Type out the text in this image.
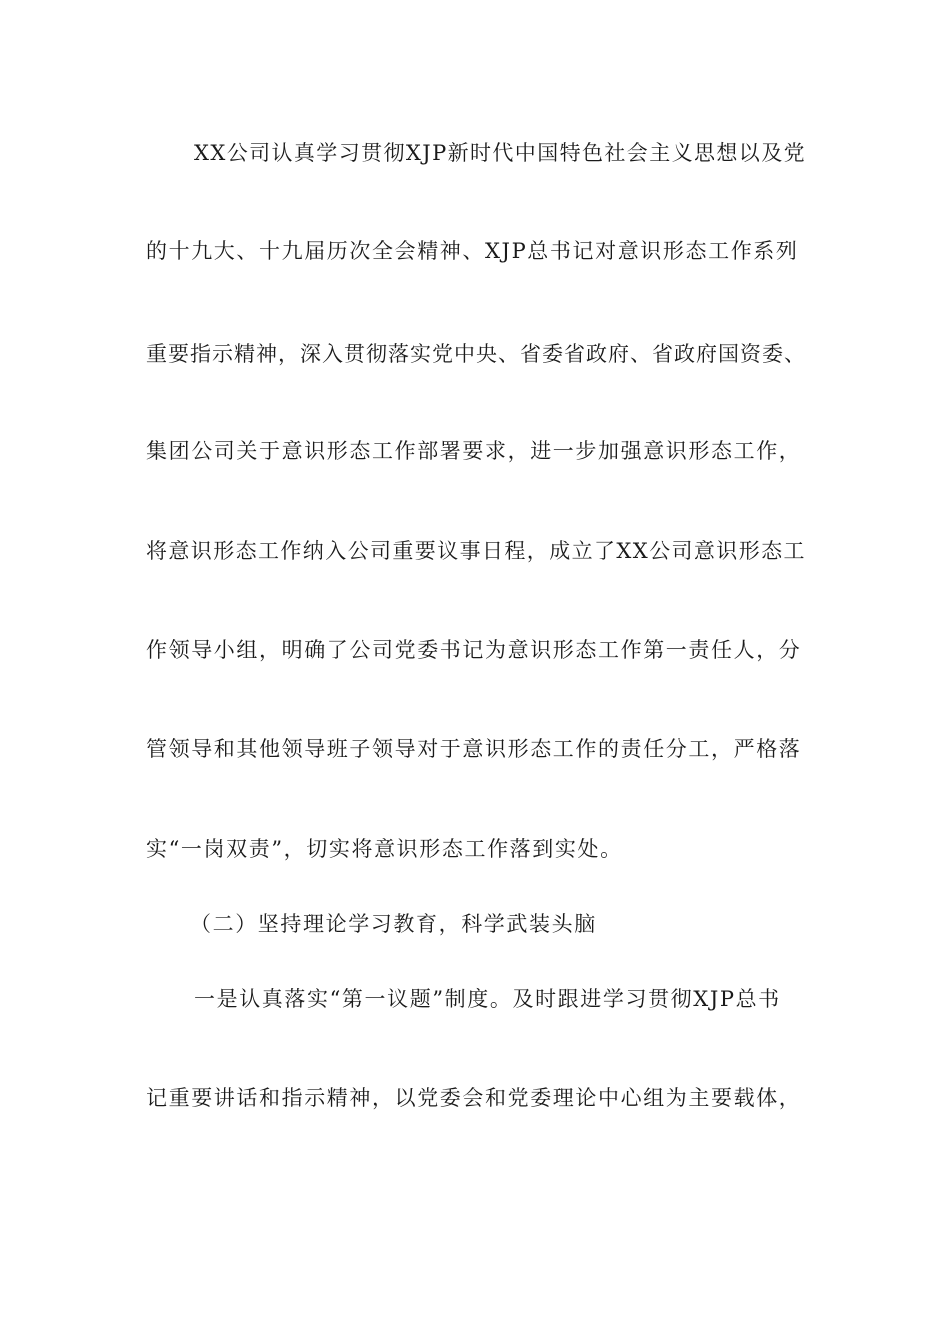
XX公司认真学习贯彻XJP新时代中国特色社会主义思想以及党
的十九大、十九届历次全会精神、XJP总书记对意识形态工作系列
重要指示精神，深入贯彻落实党中央、省委省政府、省政府国资委、
集团公司关于意识形态工作部署要求，进一步加强意识形态工作，
将意识形态工作纳入公司重要议事日程，成立了XX公司意识形态工
作领导小组，明确了公司党委书记为意识形态工作第一责任人，分
管领导和其他领导班子领导对于意识形态工作的责任分工，严格落
实“一岗双责”，切实将意识形态工作落到实处。
（二）坚持理论学习教育，科学武装头脑
一是认真落实“第一议题”制度。及时跟进学习贯彻XJP总书
记重要讲话和指示精神，以党委会和党委理论中心组为主要载体，
